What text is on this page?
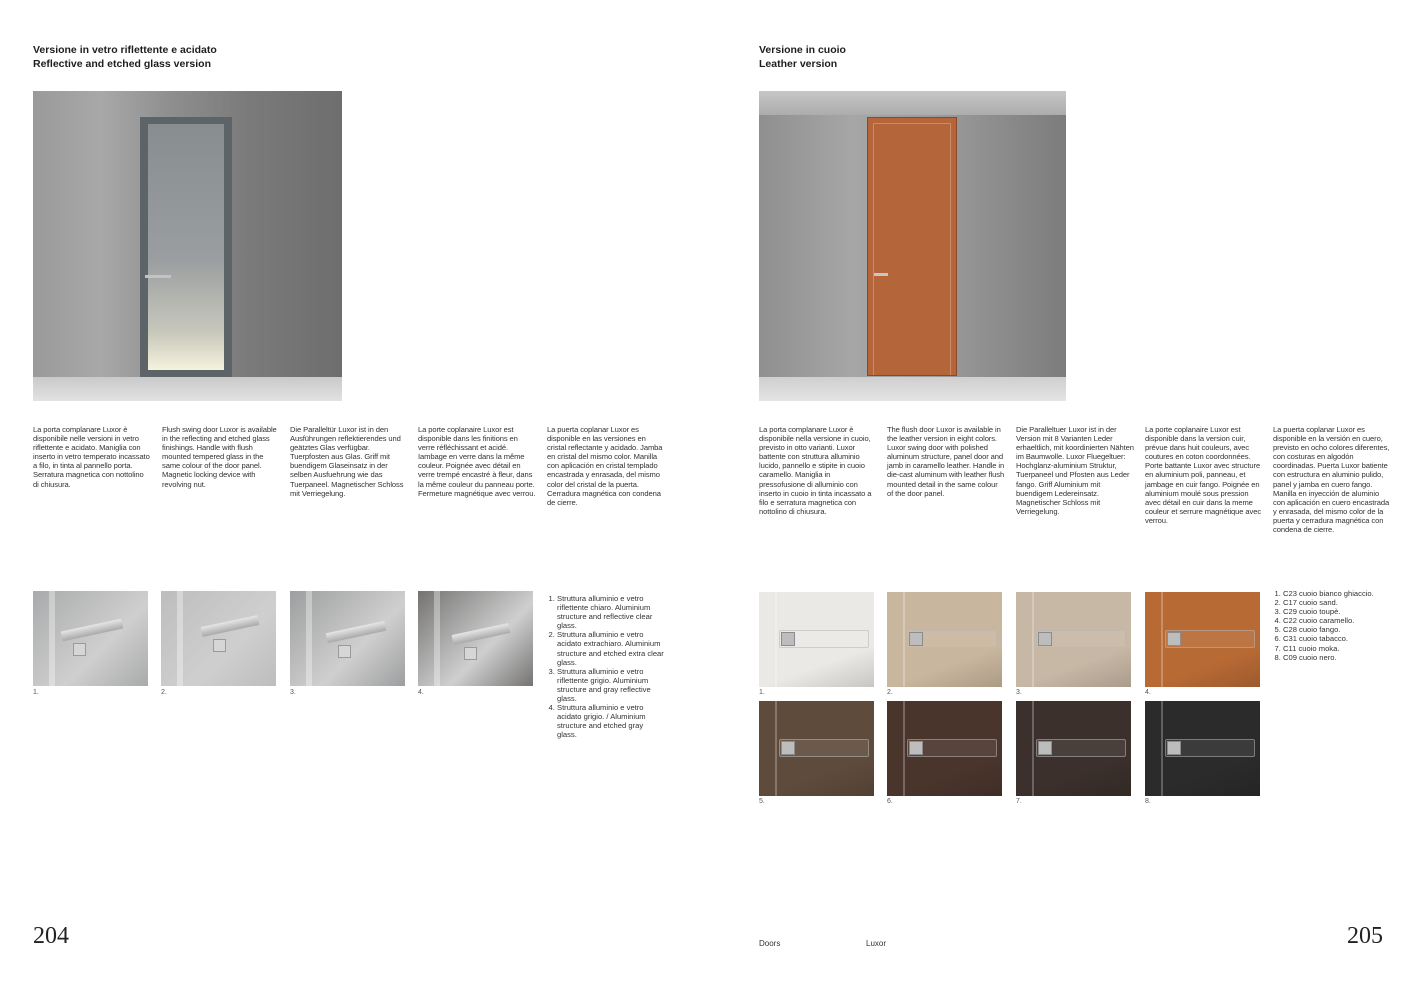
Versione in vetro riflettente e acidato
Reflective and etched glass version
La porta complanare Luxor è disponibile nelle versioni in vetro riflettente e acidato. Maniglia con inserto in vetro temperato incassato a filo, in tinta al pannello porta. Serratura magnetica con nottolino di chiusura.
Flush swing door Luxor is available in the reflecting and etched glass finishings. Handle with flush mounted tempered glass in the same colour of the door panel. Magnetic locking device with revolving nut.
Die Paralleltür Luxor ist in den Ausführungen reflektierendes und geätztes Glas verfügbar. Tuerpfosten aus Glas. Griff mit buendigem Glaseinsatz in der selben Ausfuehrung wie das Tuerpaneel. Magnetischer Schloss mit Verriegelung.
La porte coplanaire Luxor est disponible dans les finitions en verre réfléchissant et acidé. Iambage en verre dans la même couleur. Poignée avec détail en verre trempé encastré à fleur, dans la même couleur du panneau porte. Fermeture magnétique avec verrou.
La puerta coplanar Luxor es disponible en las versiones en cristal reflectante y acidado. Jamba en cristal del mismo color. Manilla con aplicación en cristal templado encastrada y enrasada, del mismo color del cristal de la puerta. Cerradura magnética con condena de cierre.
1.	2.	3.	4.
1. Struttura alluminio e vetro riflettente chiaro. Aluminium structure and reflective clear glass.
2. Struttura alluminio e vetro acidato extrachiaro. Aluminium structure and etched extra clear glass.
3. Struttura alluminio e vetro riflettente grigio. Aluminium structure and gray reflective glass.
4. Struttura alluminio e vetro acidato grigio. / Aluminium structure and etched gray glass.
204
Versione in cuoio
Leather version
La porta complanare Luxor è disponibile nella versione in cuoio, previsto in otto varianti. Luxor battente con struttura alluminio lucido, pannello e stipite in cuoio caramello. Maniglia in pressofusione di alluminio con inserto in cuoio in tinta incassato a filo e serratura magnetica con nottolino di chiusura.
The flush door Luxor is available in the leather version in eight colors. Luxor swing door with polished aluminum structure, panel door and jamb in caramello leather. Handle in die-cast aluminum with leather flush mounted detail in the same colour of the door panel.
Die Paralleltuer Luxor ist in der Version mit 8 Varianten Leder erhaeltlich, mit koordinierten Nähten im Baumwolle. Luxor Fluegeltuer: Hochglanz-aluminium Struktur, Tuerpaneel und Pfosten aus Leder fango. Griff Aluminium mit buendigem Ledereinsatz. Magnetischer Schloss mit Verriegelung.
La porte coplanaire Luxor est disponible dans la version cuir, prévue dans huit couleurs, avec coutures en coton coordonnées. Porte battante Luxor avec structure en aluminium poli, panneau, et jambage en cuir fango. Poignée en aluminium moulé sous pression avec détail en cuir dans la meme couleur et serrure magnétique avec verrou.
La puerta coplanar Luxor es disponible en la versión en cuero, previsto en ocho colores diferentes, con costuras en algodón coordinadas. Puerta Luxor batiente con estructura en aluminio pulido, panel y jamba en cuero fango. Manilla en inyección de aluminio con aplicación en cuero encastrada y enrasada, del mismo color de la puerta y cerradura magnética con condena de cierre.
1.	2.	3.	4.
5.	6.	7.	8.
1. C23 cuoio bianco ghiaccio.
2. C17 cuoio sand.
3. C29 cuoio toupè.
4. C22 cuoio caramello.
5. C28 cuoio fango.
6. C31 cuoio tabacco.
7. C11 cuoio moka.
8. C09 cuoio nero.
Doors	Luxor	205
